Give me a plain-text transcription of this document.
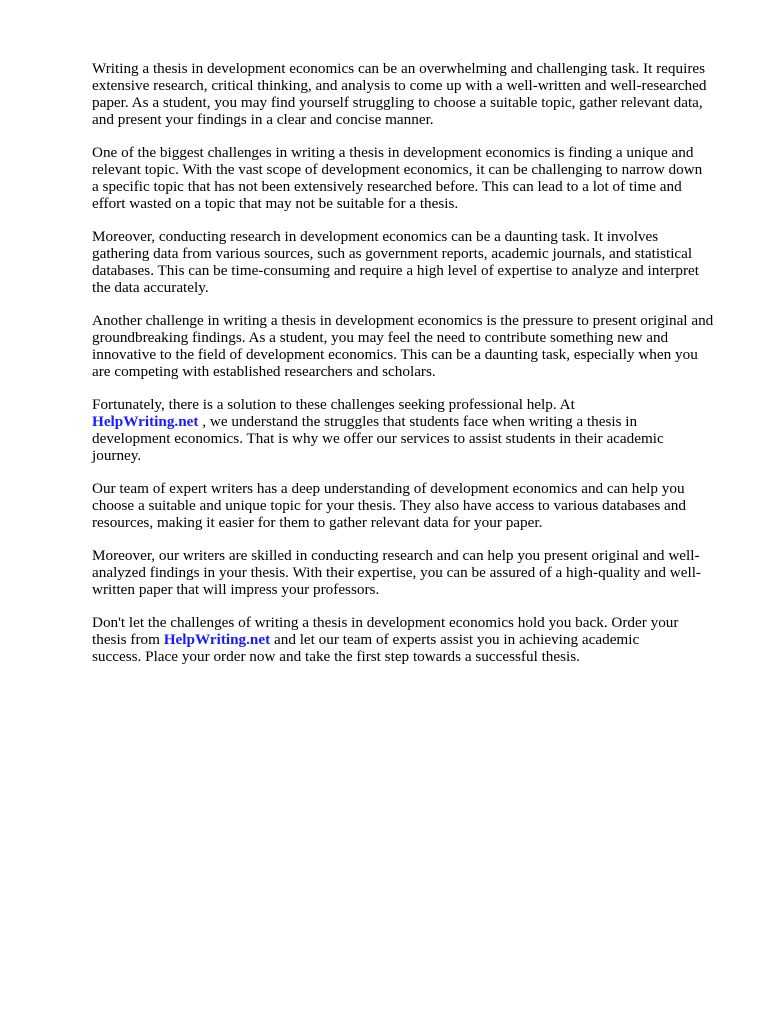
Writing a thesis in development economics can be an overwhelming and challenging task. It requires
extensive research, critical thinking, and analysis to come up with a well-written and well-researched
paper. As a student, you may find yourself struggling to choose a suitable topic, gather relevant data,
and present your findings in a clear and concise manner.

One of the biggest challenges in writing a thesis in development economics is finding a unique and
relevant topic. With the vast scope of development economics, it can be challenging to narrow down
a specific topic that has not been extensively researched before. This can lead to a lot of time and
effort wasted on a topic that may not be suitable for a thesis.

Moreover, conducting research in development economics can be a daunting task. It involves
gathering data from various sources, such as government reports, academic journals, and statistical
databases. This can be time-consuming and require a high level of expertise to analyze and interpret
the data accurately.

Another challenge in writing a thesis in development economics is the pressure to present original and
groundbreaking findings. As a student, you may feel the need to contribute something new and
innovative to the field of development economics. This can be a daunting task, especially when you
are competing with established researchers and scholars.

Fortunately, there is a solution to these challenges seeking professional help. At
HelpWriting.net , we understand the struggles that students face when writing a thesis in
development economics. That is why we offer our services to assist students in their academic
journey.

Our team of expert writers has a deep understanding of development economics and can help you
choose a suitable and unique topic for your thesis. They also have access to various databases and
resources, making it easier for them to gather relevant data for your paper.

Moreover, our writers are skilled in conducting research and can help you present original and well-
analyzed findings in your thesis. With their expertise, you can be assured of a high-quality and well-
written paper that will impress your professors.

Don't let the challenges of writing a thesis in development economics hold you back. Order your
thesis from HelpWriting.net and let our team of experts assist you in achieving academic
success. Place your order now and take the first step towards a successful thesis.
